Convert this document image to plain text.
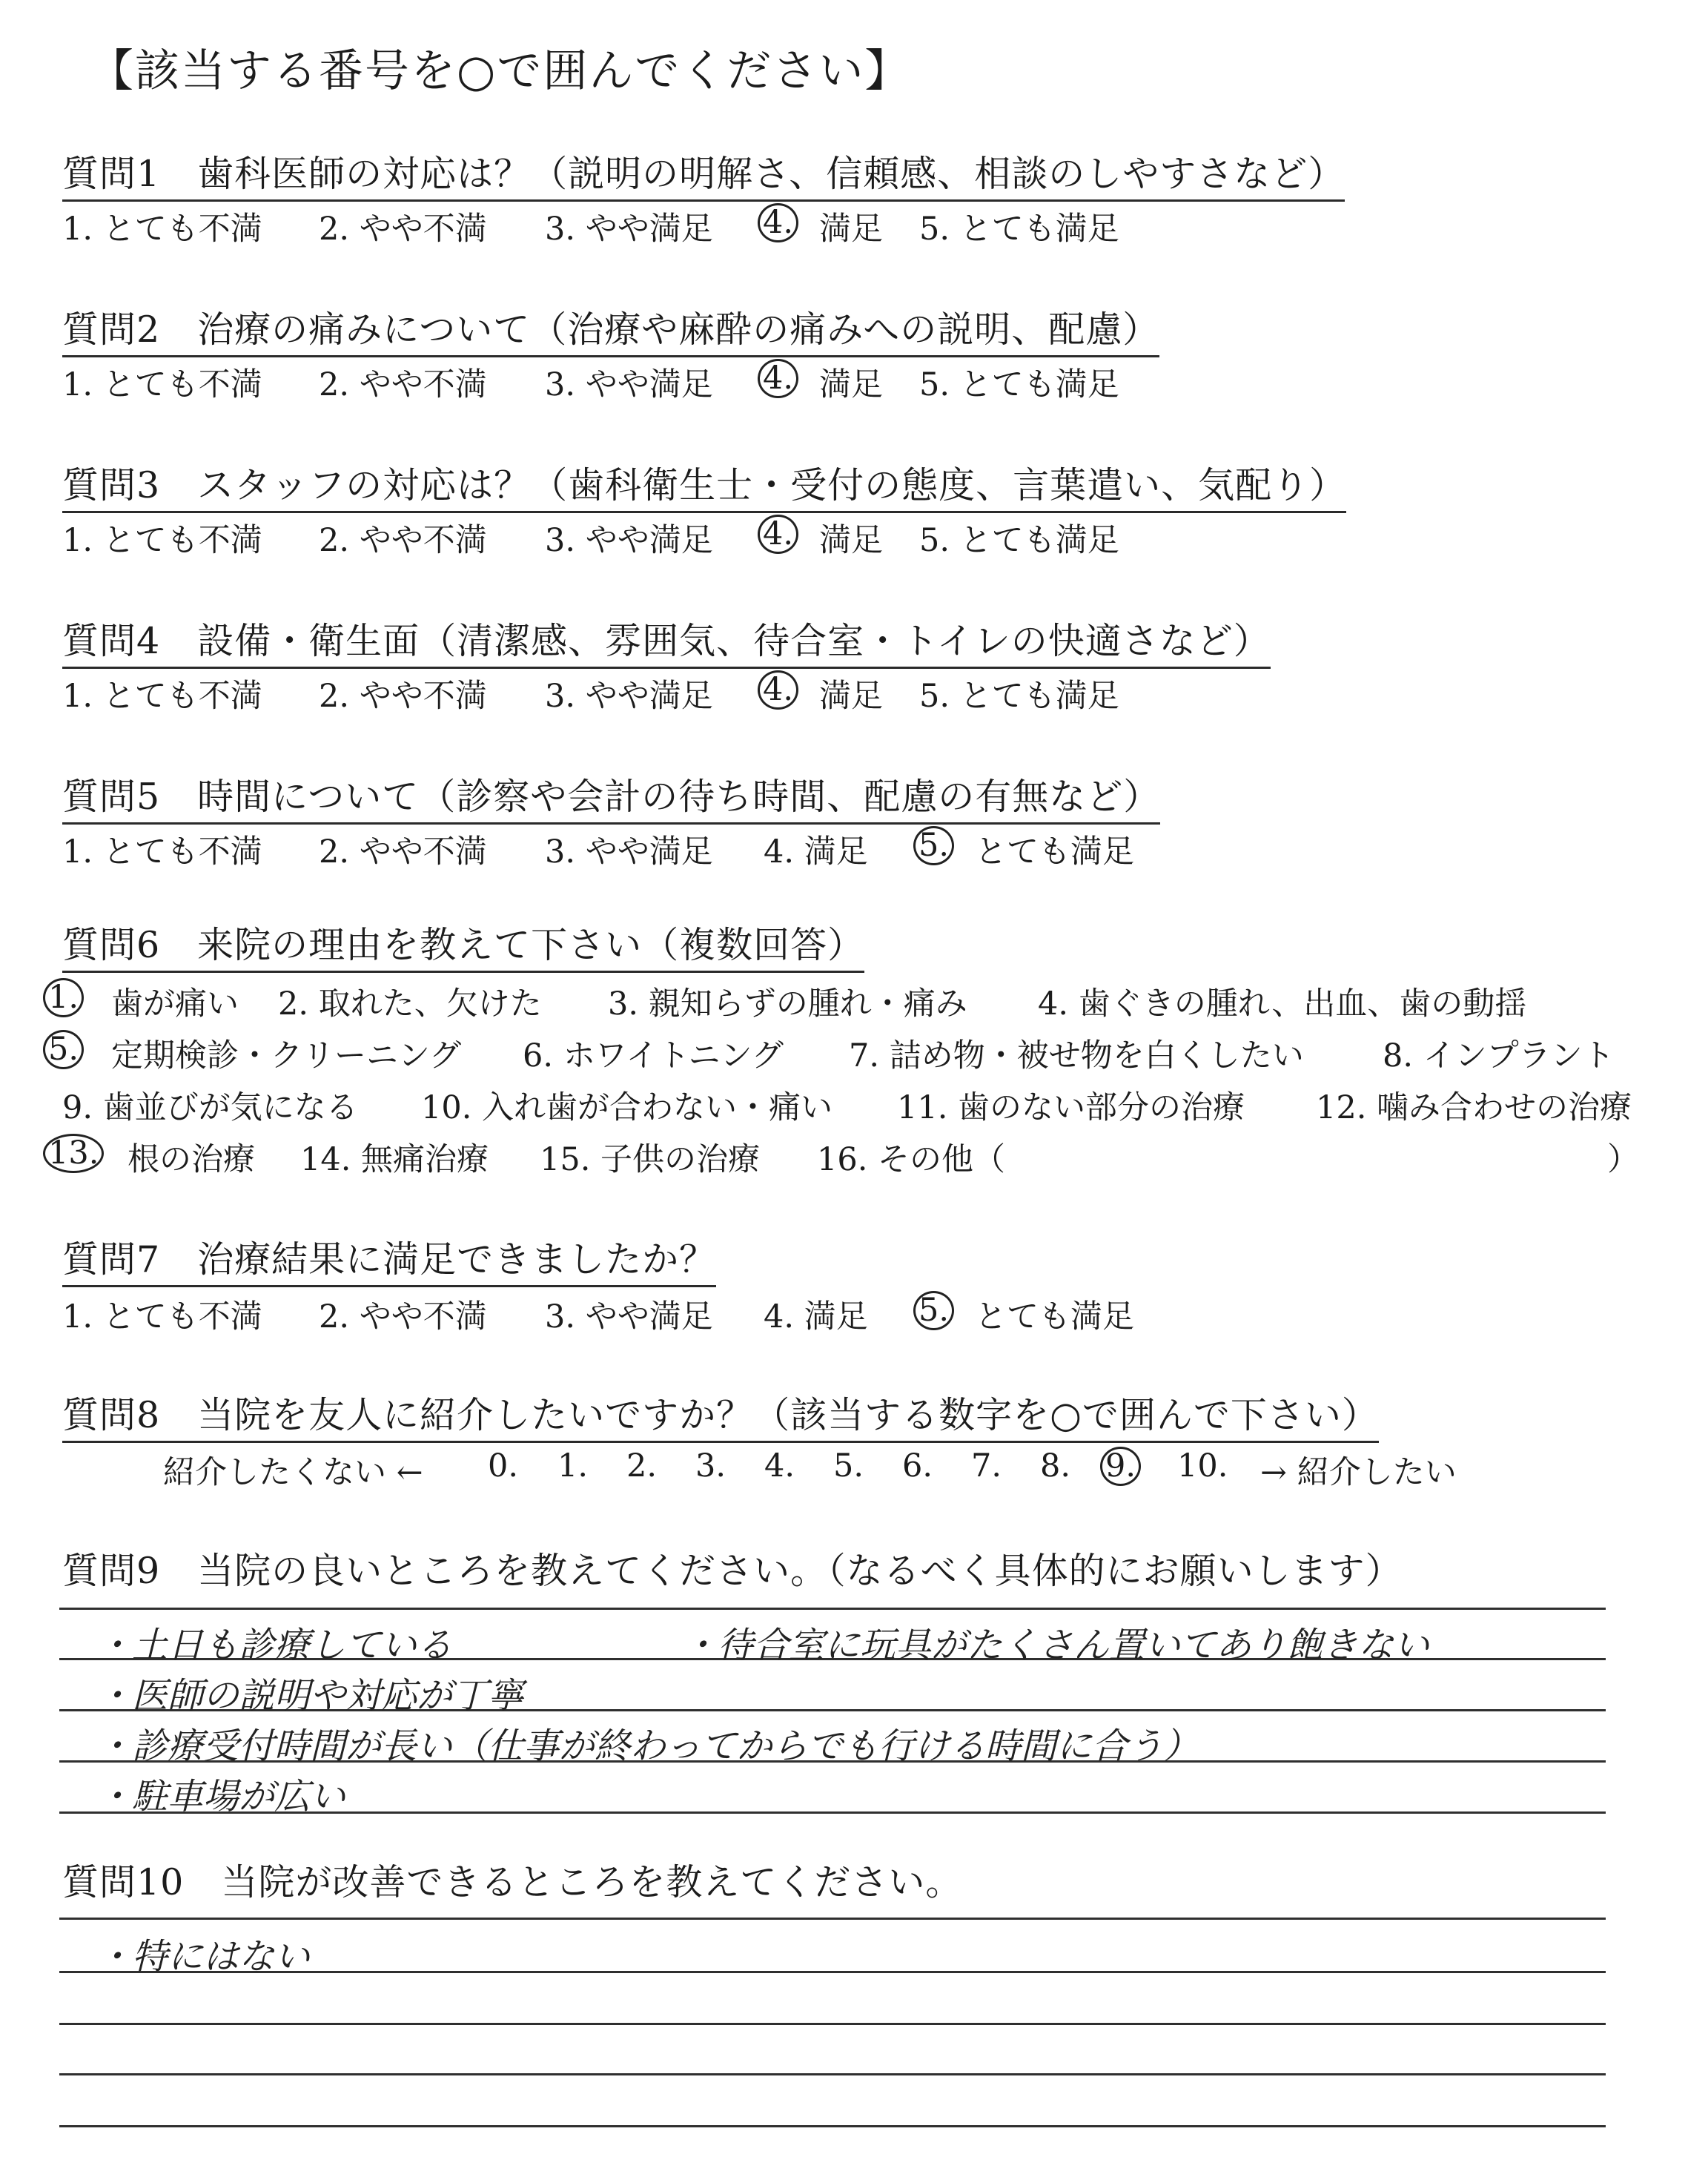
【該当する番号を○で囲んでください】
質問1　歯科医師の対応は？（説明の明解さ、信頼感、相談のしやすさなど）
1. とても不満 2. やや不満 3. やや満足 4. 満足 5. とても満足
質問2　治療の痛みについて（治療や麻酔の痛みへの説明、配慮）
1. とても不満 2. やや不満 3. やや満足 4. 満足 5. とても満足
質問3　スタッフの対応は？（歯科衛生士・受付の態度、言葉遣い、気配り）
1. とても不満 2. やや不満 3. やや満足 4. 満足 5. とても満足
質問4　設備・衛生面（清潔感、雰囲気、待合室・トイレの快適さなど）
1. とても不満 2. やや不満 3. やや満足 4. 満足 5. とても満足
質問5　時間について（診察や会計の待ち時間、配慮の有無など）
1. とても不満 2. やや不満 3. やや満足 4. 満足 5. とても満足
質問6　来院の理由を教えて下さい（複数回答）
1. 歯が痛い 2. 取れた、欠けた 3. 親知らずの腫れ・痛み 4. 歯ぐきの腫れ、出血、歯の動揺
5. 定期検診・クリーニング 6. ホワイトニング 7. 詰め物・被せ物を白くしたい 8. インプラント
9. 歯並びが気になる 10. 入れ歯が合わない・痛い 11. 歯のない部分の治療 12. 噛み合わせの治療
13. 根の治療 14. 無痛治療 15. 子供の治療 16. その他（	）
質問7　治療結果に満足できましたか？
1. とても不満 2. やや不満 3. やや満足 4. 満足 5. とても満足
質問8　当院を友人に紹介したいですか？（該当する数字を○で囲んで下さい）
紹介したくない ← 0. 1. 2. 3. 4. 5. 6. 7. 8. 9. 10. → 紹介したい
質問9　当院の良いところを教えてください。（なるべく具体的にお願いします）
・土日も診療している	・待合室に玩具がたくさん置いてあり飽きない
・医師の説明や対応が丁寧
・診療受付時間が長い（仕事が終わってからでも行ける時間に合う）
・駐車場が広い
質問10　当院が改善できるところを教えてください。
・特にはない
